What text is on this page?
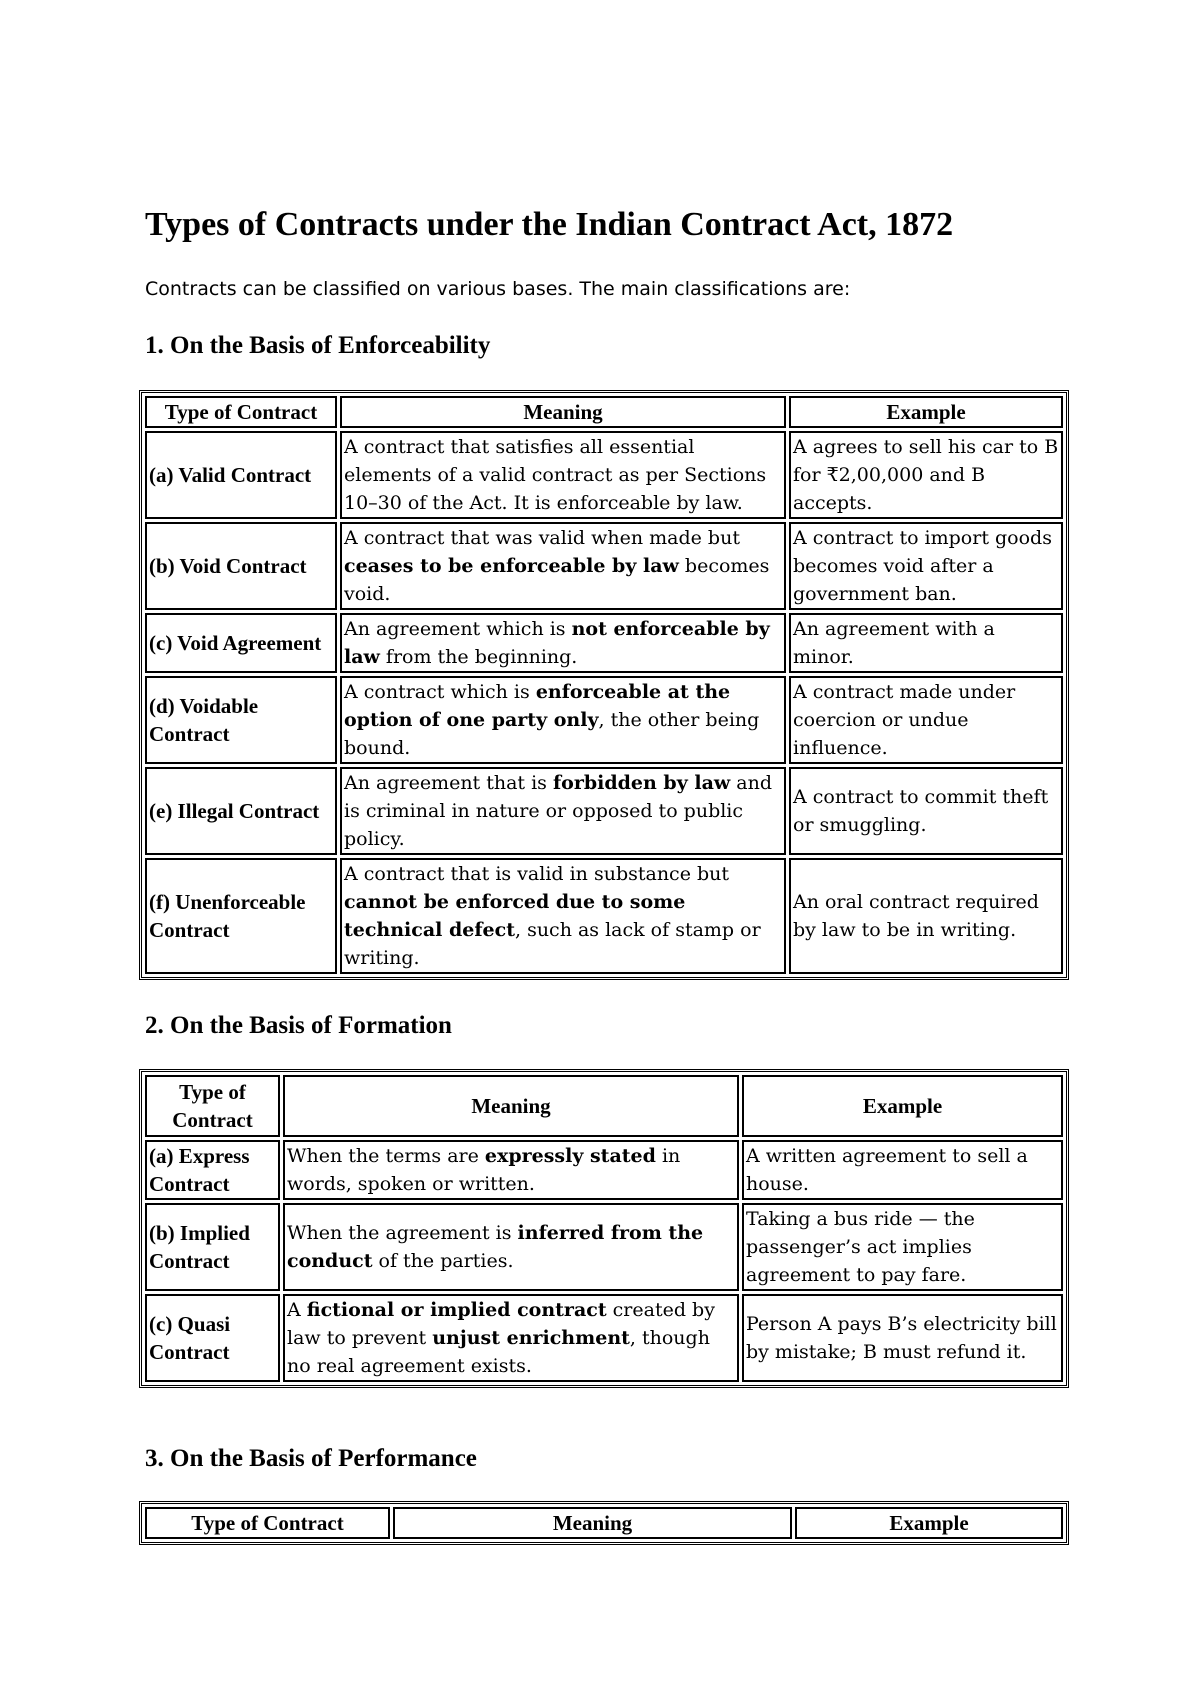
Types of Contracts under the Indian Contract Act, 1872

Contracts can be classified on various bases. The main classifications are:

1. On the Basis of Enforceability
Type of Contract	Meaning	Example
(a) Valid Contract	A contract that satisfies all essential elements of a valid contract as per Sections 10–30 of the Act. It is enforceable by law.	A agrees to sell his car to B for ₹2,00,000 and B accepts.
(b) Void Contract	A contract that was valid when made but ceases to be enforceable by law becomes void.	A contract to import goods becomes void after a government ban.
(c) Void Agreement	An agreement which is not enforceable by law from the beginning.	An agreement with a minor.
(d) Voidable Contract	A contract which is enforceable at the option of one party only, the other being bound.	A contract made under coercion or undue influence.
(e) Illegal Contract	An agreement that is forbidden by law and is criminal in nature or opposed to public policy.	A contract to commit theft or smuggling.
(f) Unenforceable Contract	A contract that is valid in substance but cannot be enforced due to some technical defect, such as lack of stamp or writing.	An oral contract required by law to be in writing.
2. On the Basis of Formation
Type of Contract	Meaning	Example
(a) Express Contract	When the terms are expressly stated in words, spoken or written.	A written agreement to sell a house.
(b) Implied Contract	When the agreement is inferred from the conduct of the parties.	Taking a bus ride — the passenger’s act implies agreement to pay fare.
(c) Quasi Contract	A fictional or implied contract created by law to prevent unjust enrichment, though no real agreement exists.	Person A pays B’s electricity bill by mistake; B must refund it.
3. On the Basis of Performance
Type of Contract	Meaning	Example
